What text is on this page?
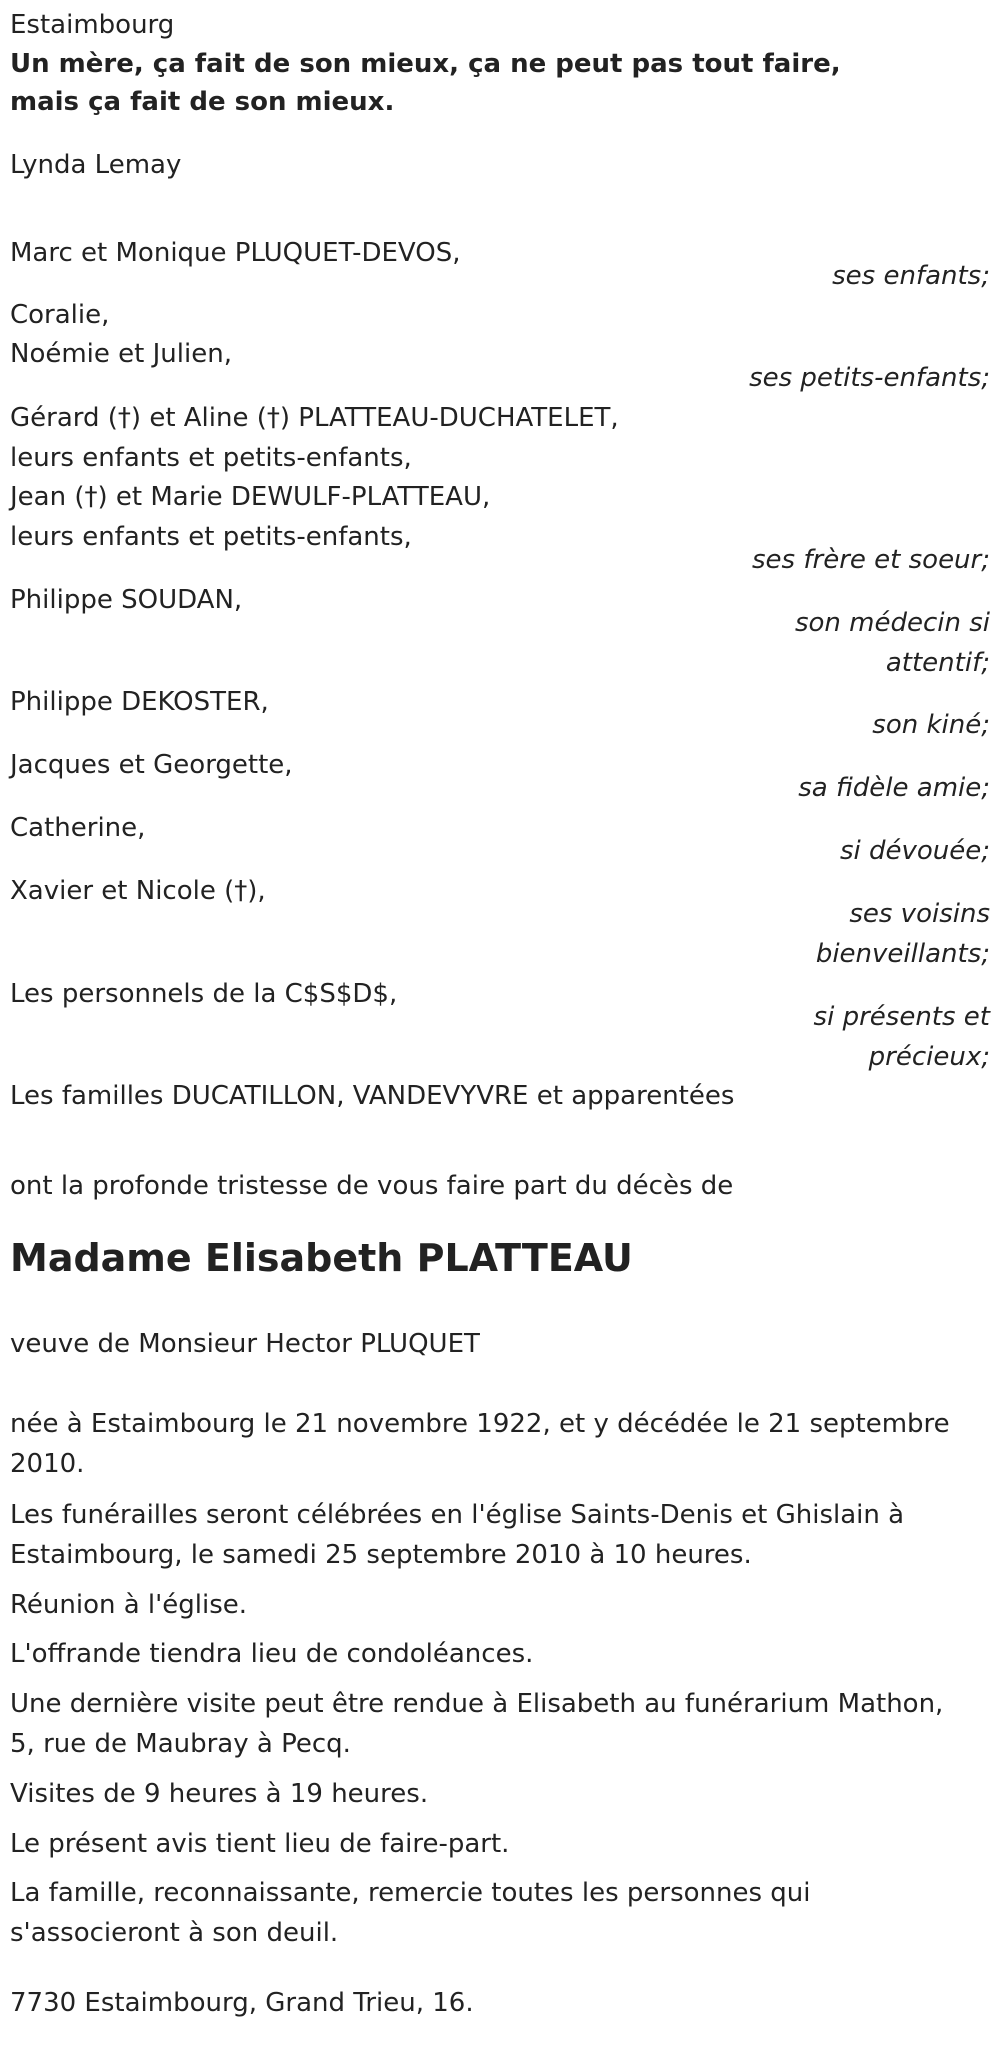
Estaimbourg
Un mère, ça fait de son mieux, ça ne peut pas tout faire,
mais ça fait de son mieux.
Lynda Lemay
Marc et Monique PLUQUET-DEVOS,
ses enfants;
Coralie,
Noémie et Julien,
ses petits-enfants;
Gérard (†) et Aline (†) PLATTEAU-DUCHATELET,
leurs enfants et petits-enfants,
Jean (†) et Marie DEWULF-PLATTEAU,
leurs enfants et petits-enfants,
ses frère et soeur;
Philippe SOUDAN,
son médecin si
attentif;
Philippe DEKOSTER,
son kiné;
Jacques et Georgette,
sa fidèle amie;
Catherine,
si dévouée;
Xavier et Nicole (†),
ses voisins
bienveillants;
Les personnels de la C$S$D$,
si présents et
précieux;
Les familles DUCATILLON, VANDEVYVRE et apparentées
ont la profonde tristesse de vous faire part du décès de
Madame Elisabeth PLATTEAU
veuve de Monsieur Hector PLUQUET
née à Estaimbourg le 21 novembre 1922, et y décédée le 21 septembre 2010.
Les funérailles seront célébrées en l'église Saints-Denis et Ghislain à Estaimbourg, le samedi 25 septembre 2010 à 10 heures.
Réunion à l'église.
L'offrande tiendra lieu de condoléances.
Une dernière visite peut être rendue à Elisabeth au funérarium Mathon, 5, rue de Maubray à Pecq.
Visites de 9 heures à 19 heures.
Le présent avis tient lieu de faire-part.
La famille, reconnaissante, remercie toutes les personnes qui s'associeront à son deuil.
7730 Estaimbourg, Grand Trieu, 16.
